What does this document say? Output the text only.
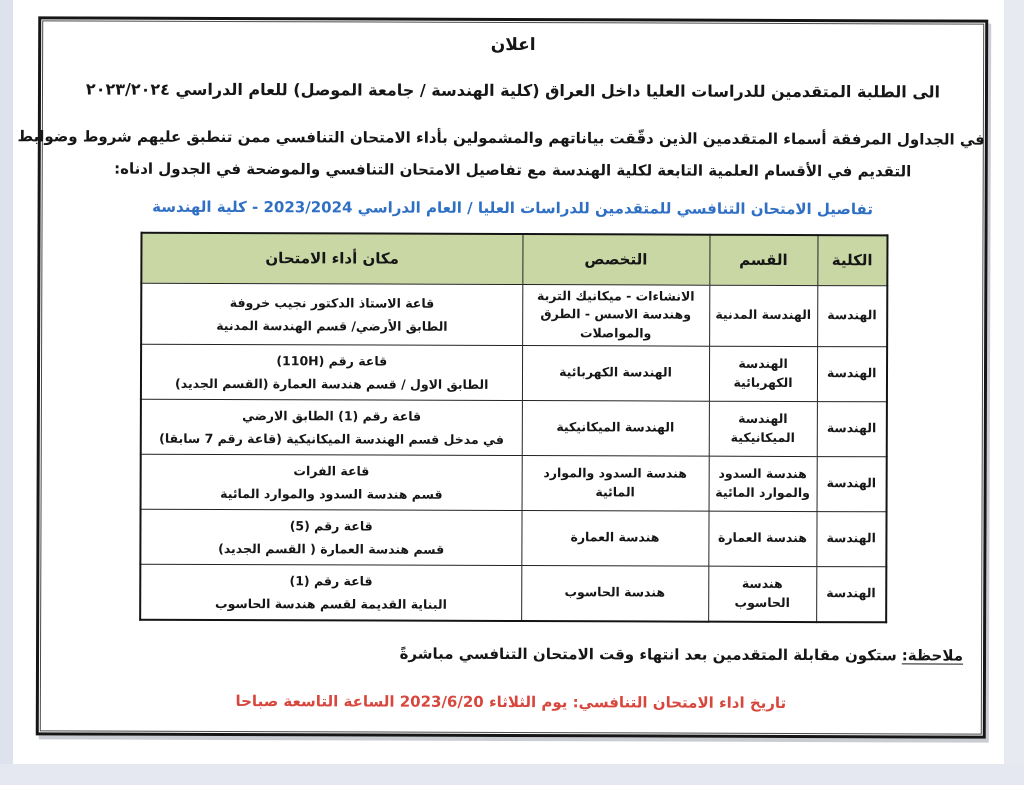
اعلان
الى الطلبة المتقدمين للدراسات العليا داخل العراق (كلية الهندسة / جامعة الموصل) للعام الدراسي ٢٠٢٣/٢٠٢٤
في الجداول المرفقة أسماء المتقدمين الذين دقّقت بياناتهم والمشمولين بأداء الامتحان التنافسي ممن تنطبق عليهم شروط وضوابط
التقديم في الأقسام العلمية التابعة لكلية الهندسة مع تفاصيل الامتحان التنافسي والموضحة في الجدول ادناه:
تفاصيل الامتحان التنافسي للمتقدمين للدراسات العليا / العام الدراسي 2023/2024 - كلية الهندسة
الكلية	القسم	التخصص	مكان أداء الامتحان
الهندسة	الهندسة المدنية	الانشاءات - ميكانيك التربة وهندسة الاسس - الطرق والمواصلات	قاعة الاستاذ الدكتور نجيب خروفة
الطابق الأرضي/ قسم الهندسة المدنية

الهندسة	الهندسة الكهربائية	الهندسة الكهربائية	قاعة رقم (110H)
الطابق الاول / قسم هندسة العمارة (القسم الجديد)

الهندسة	الهندسة الميكانيكية	الهندسة الميكانيكية	قاعة رقم (1) الطابق الارضي
في مدخل قسم الهندسة الميكانيكية (قاعة رقم 7 سابقا)

الهندسة	هندسة السدود والموارد المائية	هندسة السدود والموارد المائية	قاعة الفرات
قسم هندسة السدود والموارد المائية

الهندسة	هندسة العمارة	هندسة العمارة	قاعة رقم (5)
قسم هندسة العمارة ( القسم الجديد)

الهندسة	هندسة الحاسوب	هندسة الحاسوب	قاعة رقم (1)
البناية القديمة لقسم هندسة الحاسوب
ملاحظة:ستكون مقابلة المتقدمين بعد انتهاء وقت الامتحان التنافسي مباشرةً
تاريخ اداء الامتحان التنافسي: يوم الثلاثاء 2023/6/20 الساعة التاسعة صباحا
